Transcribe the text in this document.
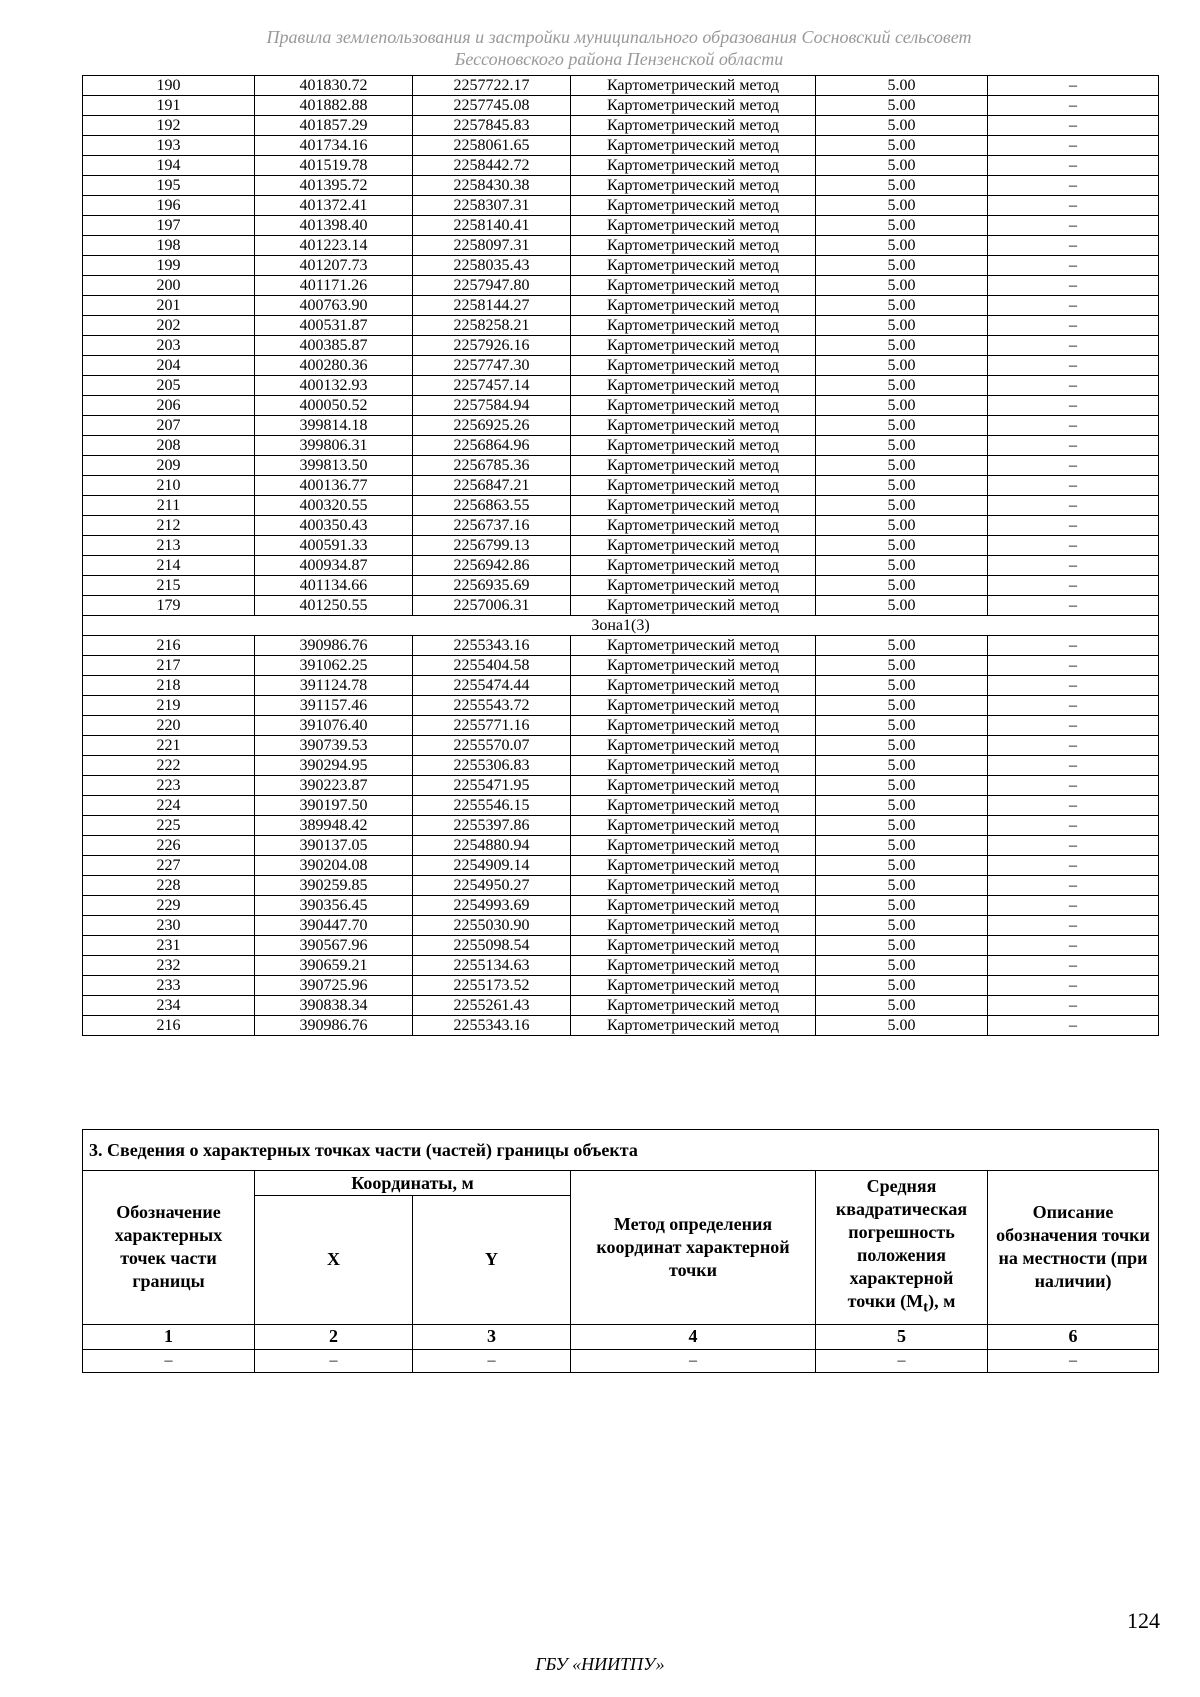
Правила землепользования и застройки муниципального образования Сосновский сельсовет
Бессоновского района Пензенской области
190	401830.72	2257722.17	Картометрический метод	5.00	–
191	401882.88	2257745.08	Картометрический метод	5.00	–
192	401857.29	2257845.83	Картометрический метод	5.00	–
193	401734.16	2258061.65	Картометрический метод	5.00	–
194	401519.78	2258442.72	Картометрический метод	5.00	–
195	401395.72	2258430.38	Картометрический метод	5.00	–
196	401372.41	2258307.31	Картометрический метод	5.00	–
197	401398.40	2258140.41	Картометрический метод	5.00	–
198	401223.14	2258097.31	Картометрический метод	5.00	–
199	401207.73	2258035.43	Картометрический метод	5.00	–
200	401171.26	2257947.80	Картометрический метод	5.00	–
201	400763.90	2258144.27	Картометрический метод	5.00	–
202	400531.87	2258258.21	Картометрический метод	5.00	–
203	400385.87	2257926.16	Картометрический метод	5.00	–
204	400280.36	2257747.30	Картометрический метод	5.00	–
205	400132.93	2257457.14	Картометрический метод	5.00	–
206	400050.52	2257584.94	Картометрический метод	5.00	–
207	399814.18	2256925.26	Картометрический метод	5.00	–
208	399806.31	2256864.96	Картометрический метод	5.00	–
209	399813.50	2256785.36	Картометрический метод	5.00	–
210	400136.77	2256847.21	Картометрический метод	5.00	–
211	400320.55	2256863.55	Картометрический метод	5.00	–
212	400350.43	2256737.16	Картометрический метод	5.00	–
213	400591.33	2256799.13	Картометрический метод	5.00	–
214	400934.87	2256942.86	Картометрический метод	5.00	–
215	401134.66	2256935.69	Картометрический метод	5.00	–
179	401250.55	2257006.31	Картометрический метод	5.00	–
Зона1(3)					
216	390986.76	2255343.16	Картометрический метод	5.00	–
217	391062.25	2255404.58	Картометрический метод	5.00	–
218	391124.78	2255474.44	Картометрический метод	5.00	–
219	391157.46	2255543.72	Картометрический метод	5.00	–
220	391076.40	2255771.16	Картометрический метод	5.00	–
221	390739.53	2255570.07	Картометрический метод	5.00	–
222	390294.95	2255306.83	Картометрический метод	5.00	–
223	390223.87	2255471.95	Картометрический метод	5.00	–
224	390197.50	2255546.15	Картометрический метод	5.00	–
225	389948.42	2255397.86	Картометрический метод	5.00	–
226	390137.05	2254880.94	Картометрический метод	5.00	–
227	390204.08	2254909.14	Картометрический метод	5.00	–
228	390259.85	2254950.27	Картометрический метод	5.00	–
229	390356.45	2254993.69	Картометрический метод	5.00	–
230	390447.70	2255030.90	Картометрический метод	5.00	–
231	390567.96	2255098.54	Картометрический метод	5.00	–
232	390659.21	2255134.63	Картометрический метод	5.00	–
233	390725.96	2255173.52	Картометрический метод	5.00	–
234	390838.34	2255261.43	Картометрический метод	5.00	–
216	390986.76	2255343.16	Картометрический метод	5.00	–
3. Сведения о характерных точках части (частей) границы объекта					
Обозначение характерных точек части границы	Координаты, м		Метод определения координат характерной точки	Средняя квадратическая погрешность положения характерной точки $(M_t)$, м	Описание обозначения точки на местности (при наличии)
	X	Y			
1	2	3	4	5	6
–	–	–	–	–	–
124
ГБУ «НИИТПУ»
